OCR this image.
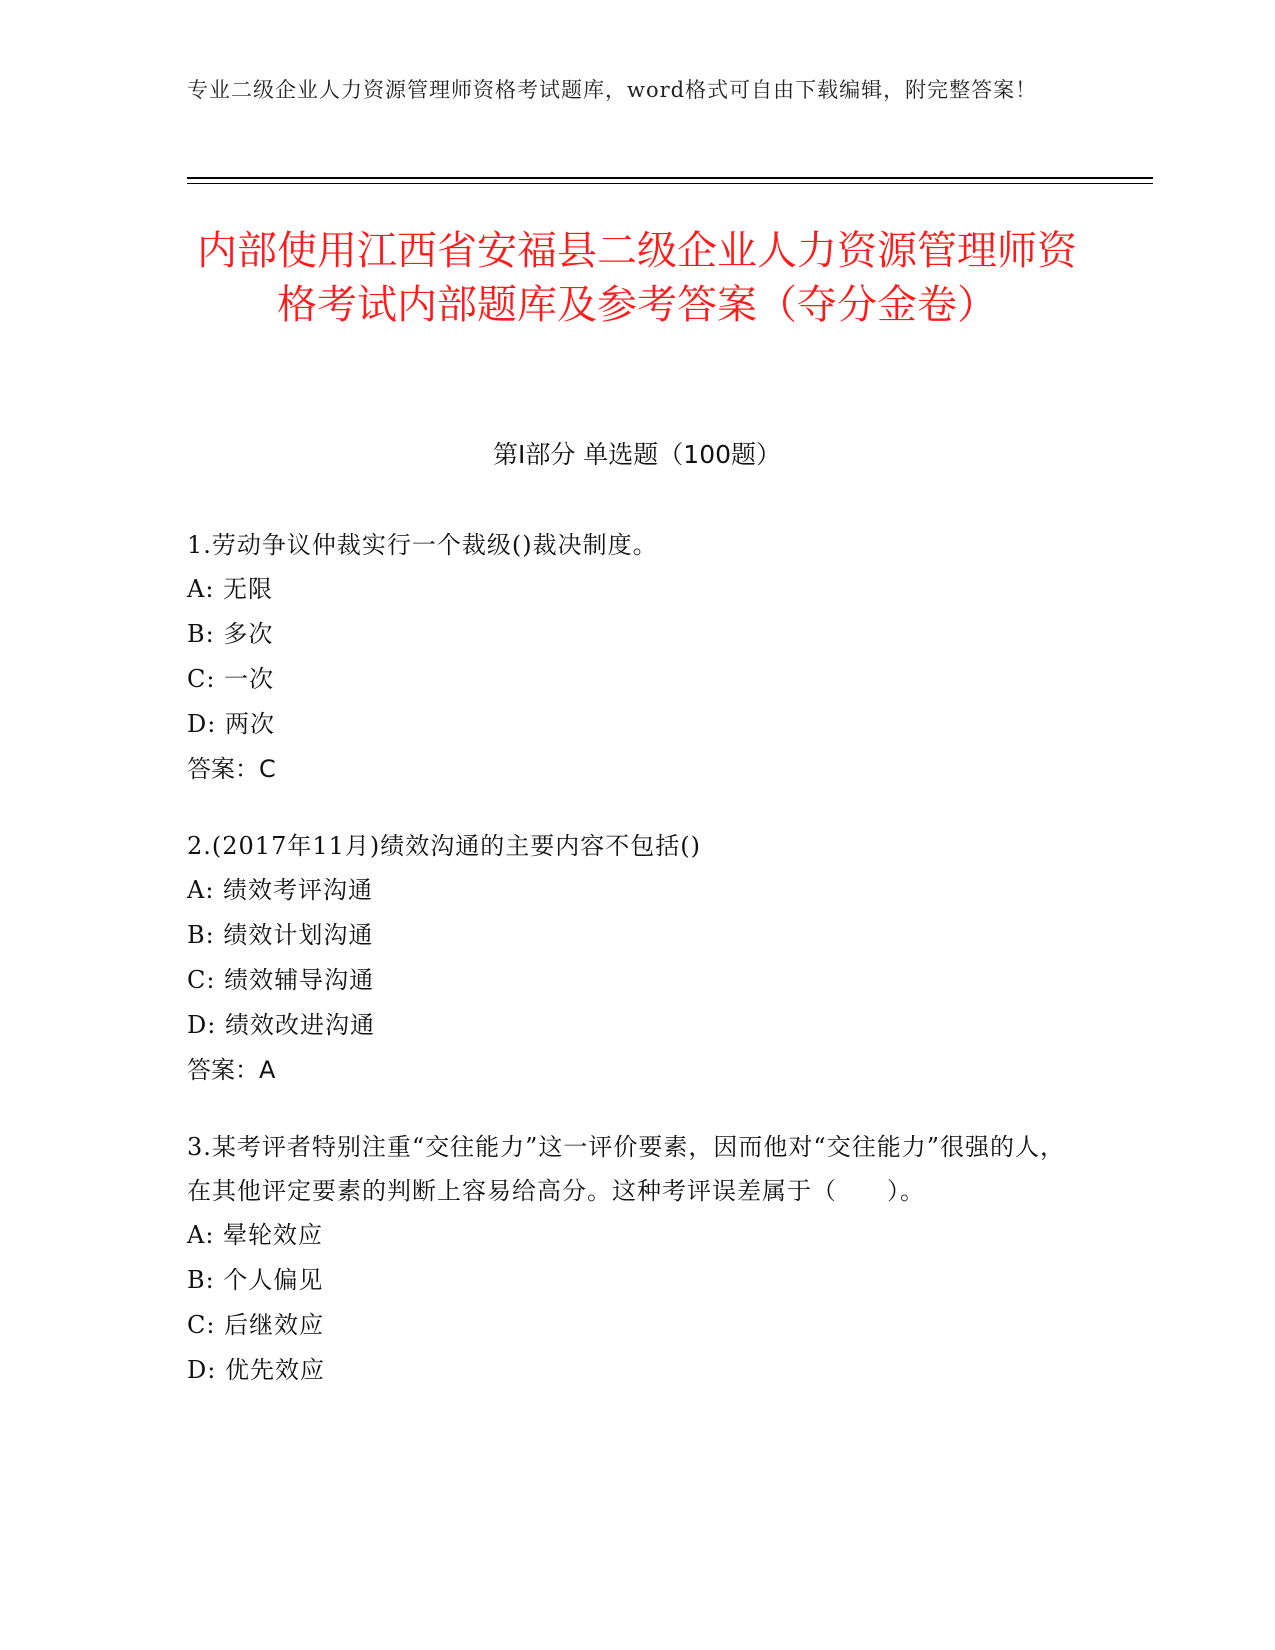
专业二级企业人力资源管理师资格考试题库，word格式可自由下载编辑，附完整答案！
内部使用江西省安福县二级企业人力资源管理师资格考试内部题库及参考答案（夺分金卷）
第Ⅰ部分 单选题（100题）
1.劳动争议仲裁实行一个裁级()裁决制度。
A: 无限
B: 多次
C: 一次
D: 两次
答案：C
2.(2017年11月)绩效沟通的主要内容不包括()
A: 绩效考评沟通
B: 绩效计划沟通
C: 绩效辅导沟通
D: 绩效改进沟通
答案：A
3.某考评者特别注重“交往能力”这一评价要素，因而他对“交往能力”很强的人，在其他评定要素的判断上容易给高分。这种考评误差属于（　　）。
A: 晕轮效应
B: 个人偏见
C: 后继效应
D: 优先效应
